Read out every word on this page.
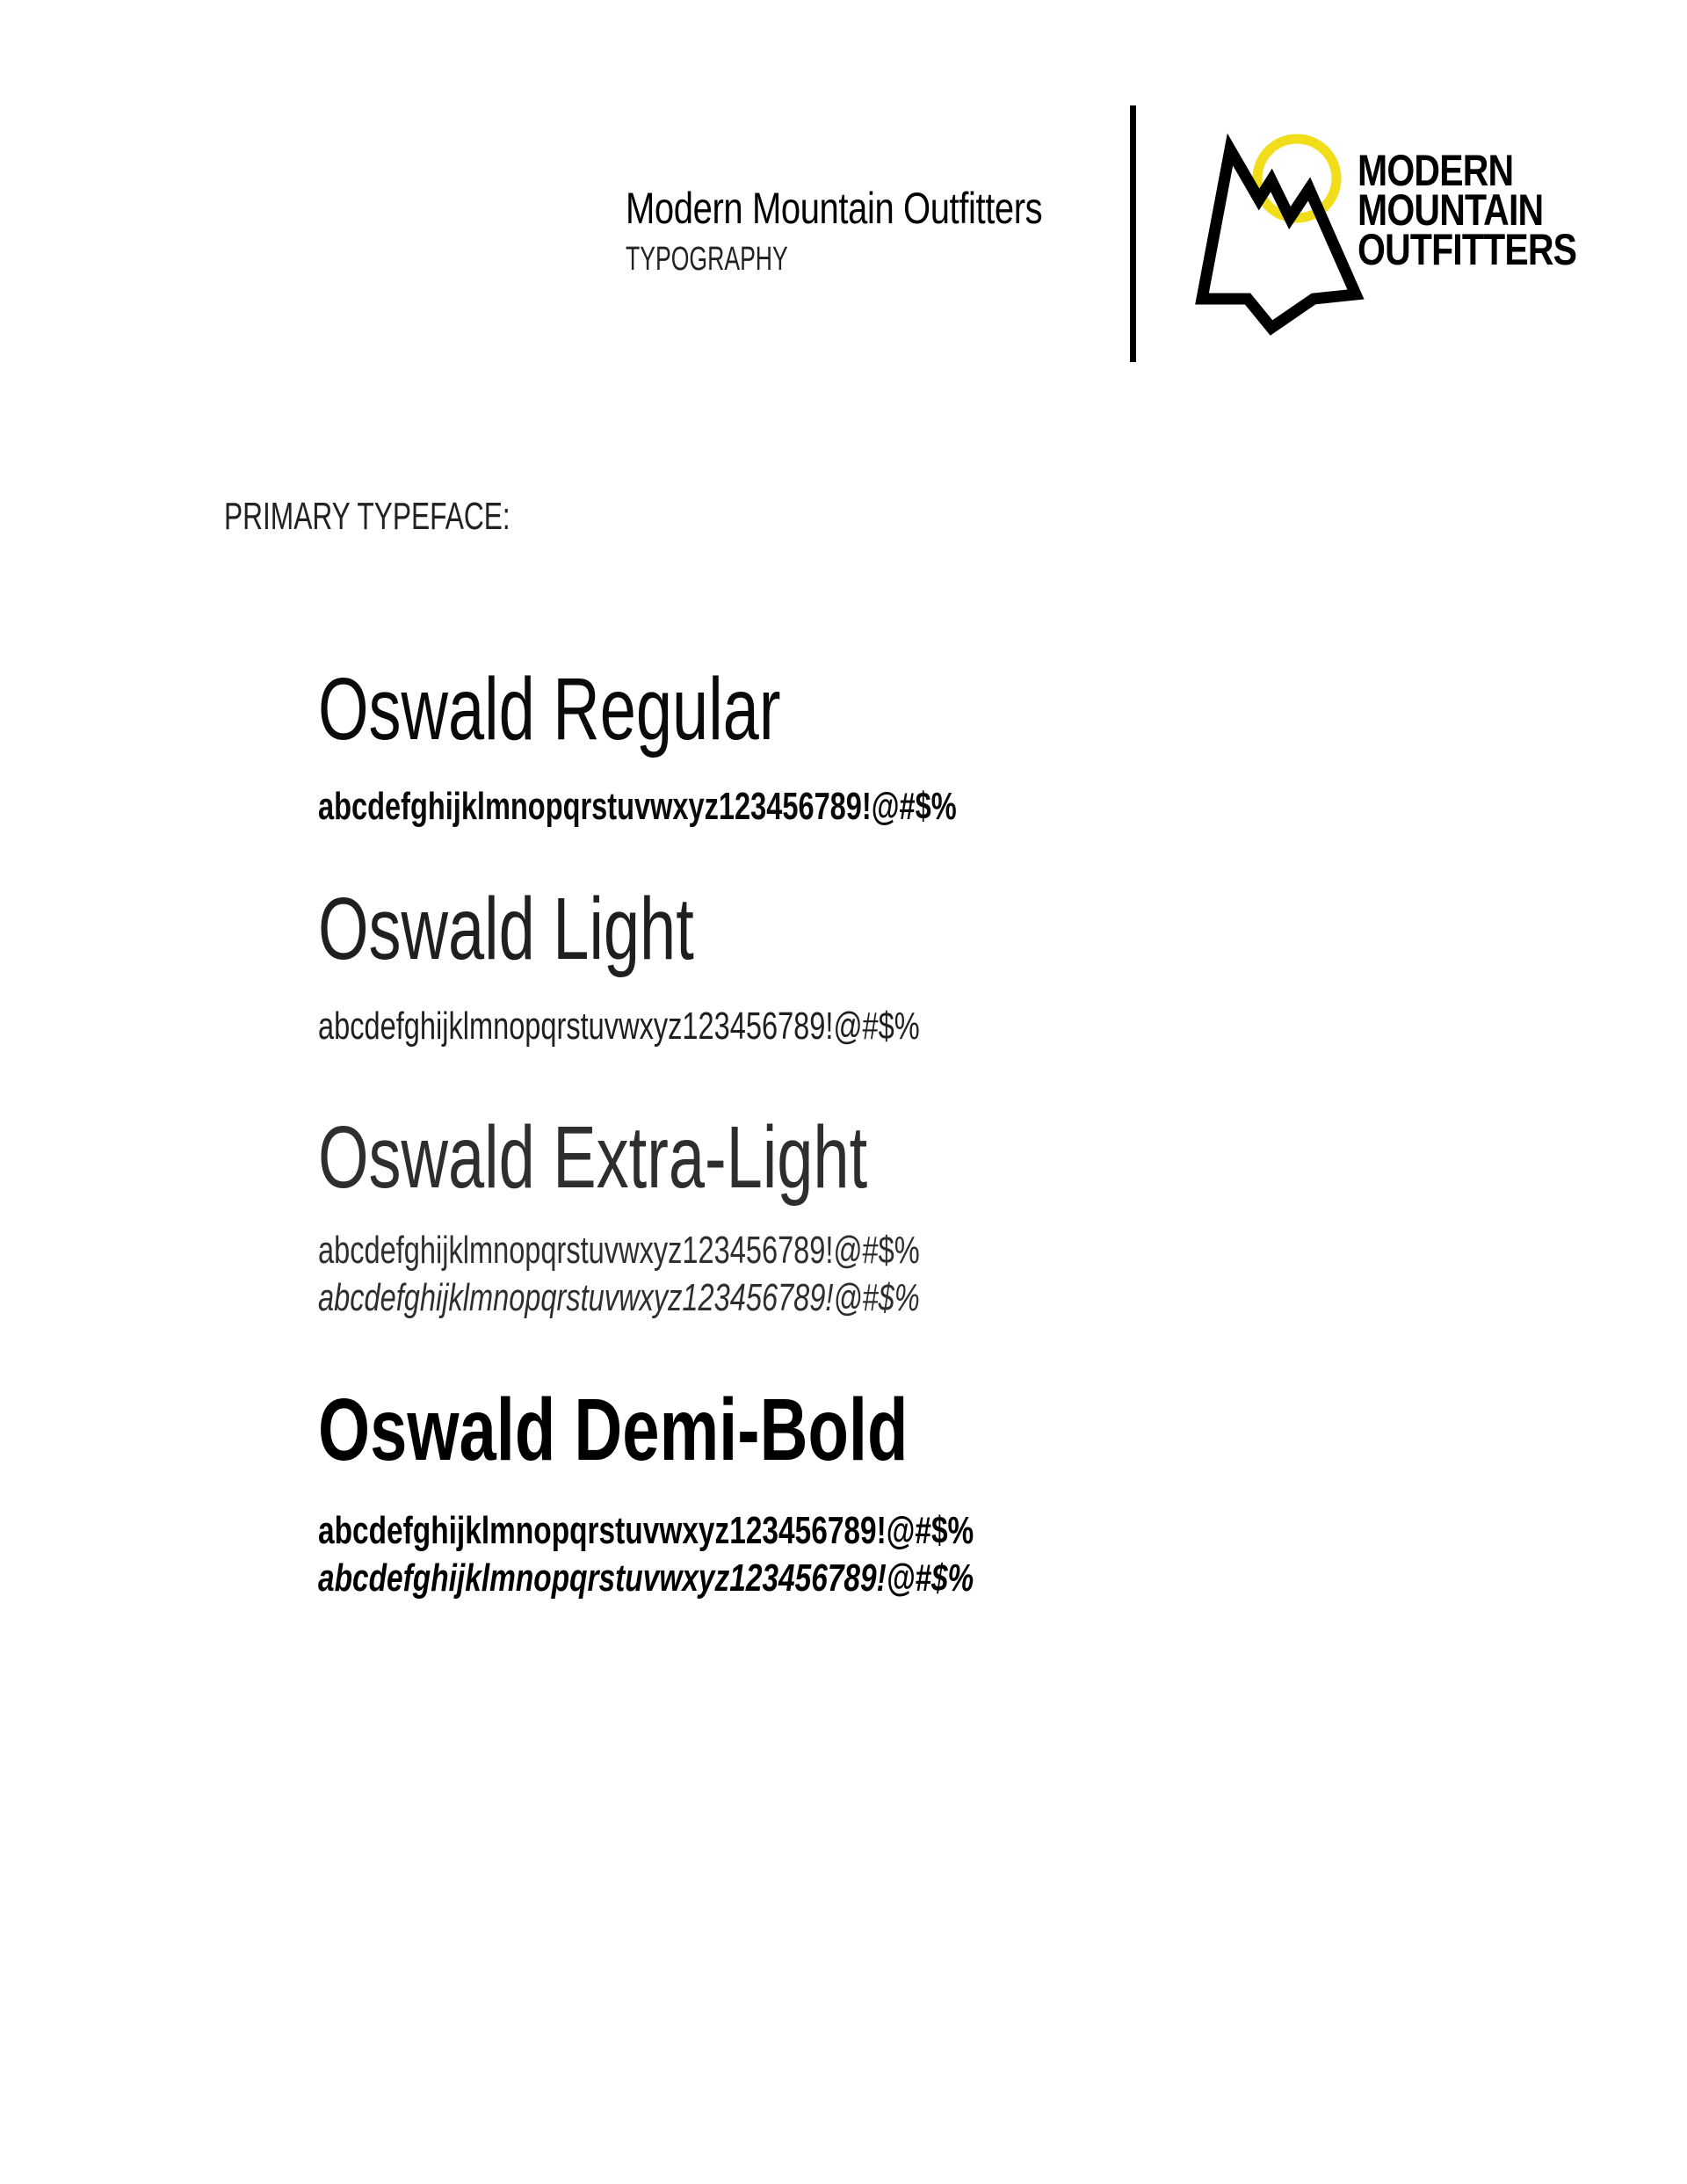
Modern Mountain Outfitters
TYPOGRAPHY
MODERN
MOUNTAIN
OUTFITTERS
PRIMARY TYPEFACE:
Oswald Regular
abcdefghijklmnopqrstuvwxyz123456789!@#$%
Oswald Light
abcdefghijklmnopqrstuvwxyz123456789!@#$%
Oswald Extra-Light
abcdefghijklmnopqrstuvwxyz123456789!@#$%
abcdefghijklmnopqrstuvwxyz123456789!@#$%
Oswald Demi-Bold
abcdefghijklmnopqrstuvwxyz123456789!@#$%
abcdefghijklmnopqrstuvwxyz123456789!@#$%
